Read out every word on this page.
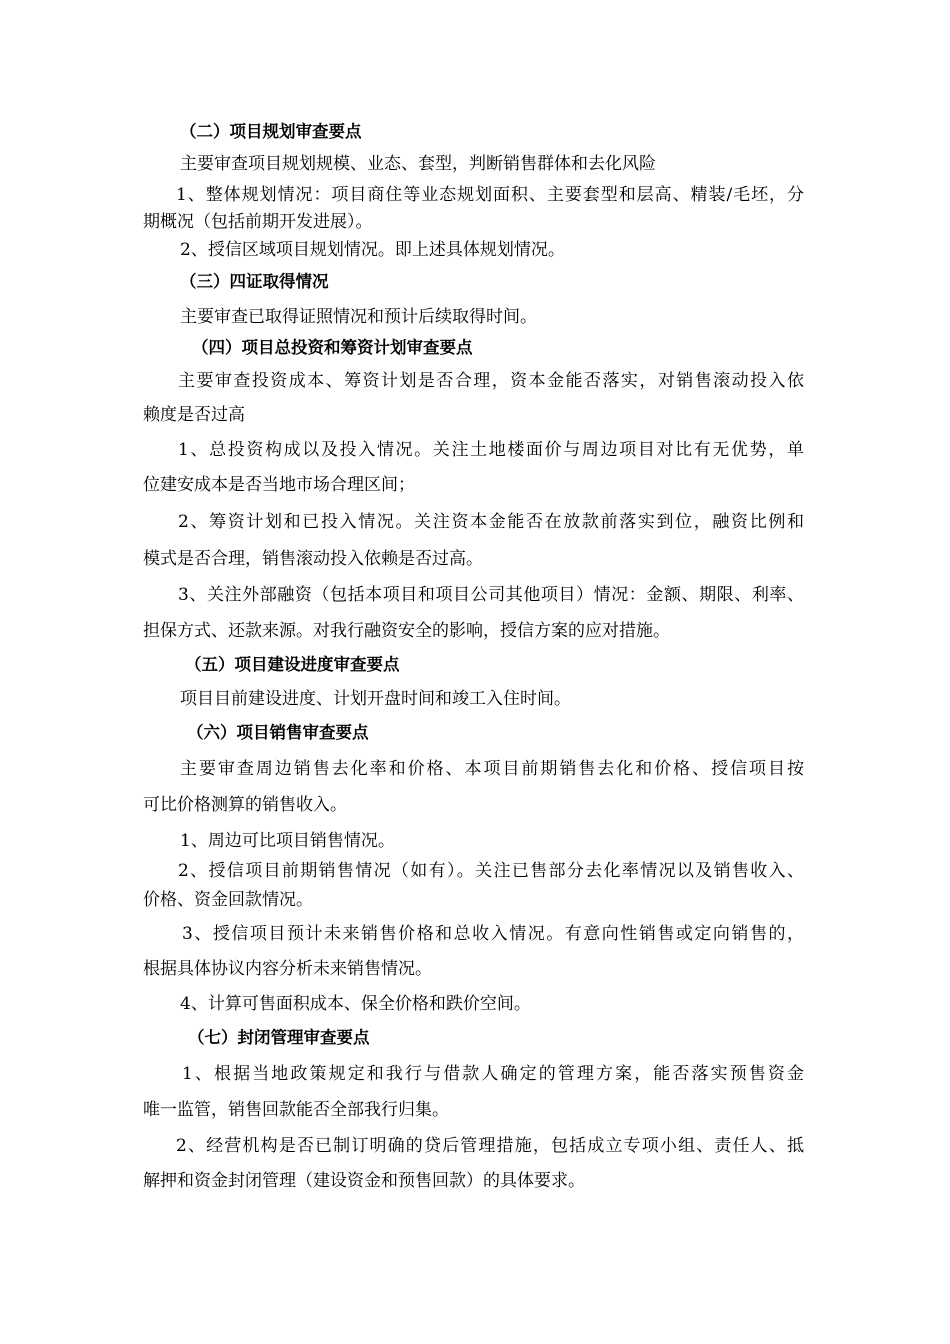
（二）项目规划审查要点
主要审查项目规划规模、业态、套型，判断销售群体和去化风险
1、整体规划情况：项目商住等业态规划面积、主要套型和层高、精装/毛坯，分
期概况（包括前期开发进展）。
2、授信区域项目规划情况。即上述具体规划情况。
（三）四证取得情况
主要审查已取得证照情况和预计后续取得时间。
（四）项目总投资和筹资计划审查要点
主要审查投资成本、筹资计划是否合理，资本金能否落实，对销售滚动投入依
赖度是否过高
1、总投资构成以及投入情况。关注土地楼面价与周边项目对比有无优势，单
位建安成本是否当地市场合理区间；
2、筹资计划和已投入情况。关注资本金能否在放款前落实到位，融资比例和
模式是否合理，销售滚动投入依赖是否过高。
3、关注外部融资（包括本项目和项目公司其他项目）情况：金额、期限、利率、
担保方式、还款来源。对我行融资安全的影响，授信方案的应对措施。
（五）项目建设进度审查要点
项目目前建设进度、计划开盘时间和竣工入住时间。
（六）项目销售审查要点
主要审查周边销售去化率和价格、本项目前期销售去化和价格、授信项目按
可比价格测算的销售收入。
1、周边可比项目销售情况。
2、授信项目前期销售情况（如有）。关注已售部分去化率情况以及销售收入、
价格、资金回款情况。
3、授信项目预计未来销售价格和总收入情况。有意向性销售或定向销售的，
根据具体协议内容分析未来销售情况。
4、计算可售面积成本、保全价格和跌价空间。
（七）封闭管理审查要点
1、根据当地政策规定和我行与借款人确定的管理方案，能否落实预售资金
唯一监管，销售回款能否全部我行归集。
2、经营机构是否已制订明确的贷后管理措施，包括成立专项小组、责任人、抵
解押和资金封闭管理（建设资金和预售回款）的具体要求。
